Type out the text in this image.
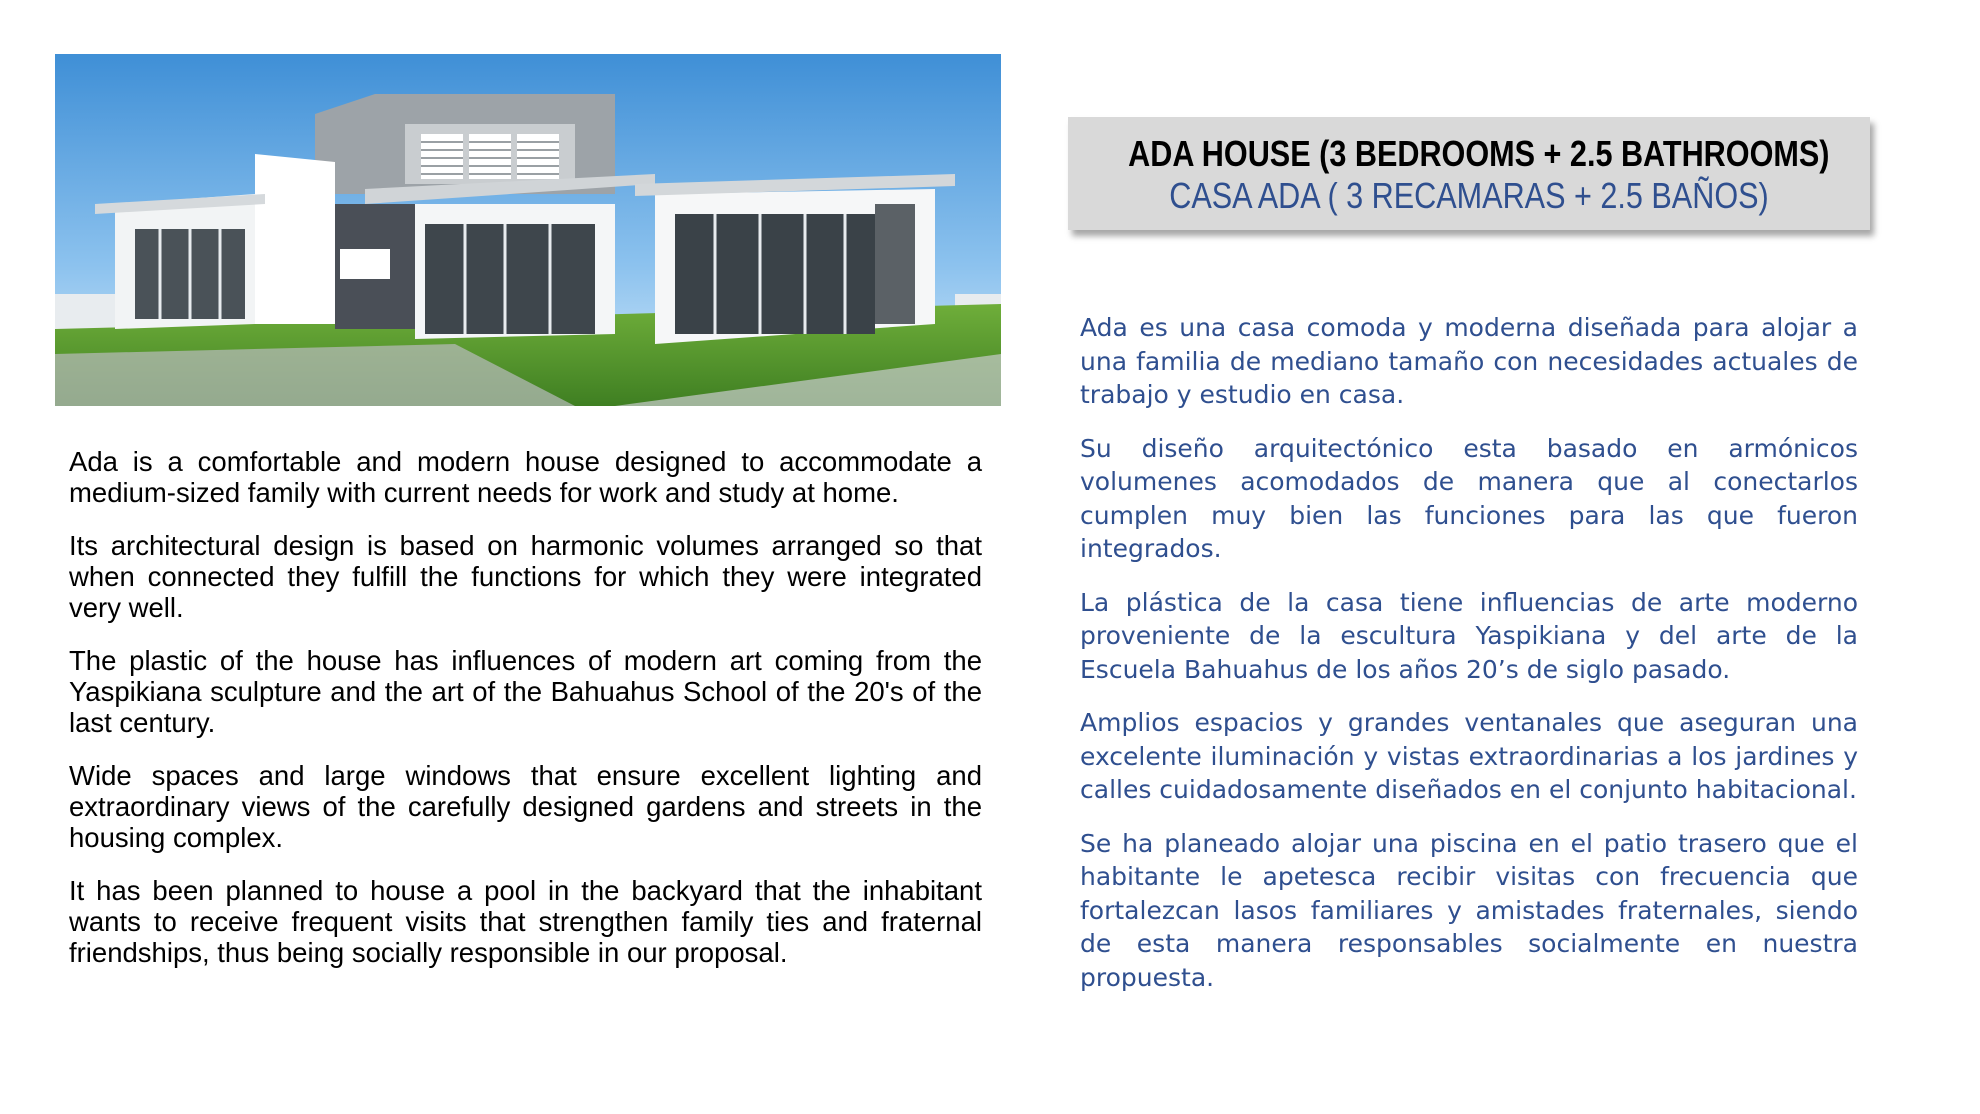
Ada is a comfortable and modern house designed to accommodate a medium-sized family with current needs for work and study at home.

Its architectural design is based on harmonic volumes arranged so that when connected they fulfill the functions for which they were integrated very well.

The plastic of the house has influences of modern art coming from the Yaspikiana sculpture and the art of the Bahuahus School of the 20's of the last century.

Wide spaces and large windows that ensure excellent lighting and extraordinary views of the carefully designed gardens and streets in the housing complex.

It has been planned to house a pool in the backyard that the inhabitant wants to receive frequent visits that strengthen family ties and fraternal friendships, thus being socially responsible in our proposal.

ADA HOUSE (3 BEDROOMS + 2.5 BATHROOMS)
CASA ADA ( 3 RECAMARAS + 2.5 BAÑOS)

Ada es una casa comoda y moderna diseñada para alojar a una familia de mediano tamaño con necesidades actuales de trabajo y estudio en casa.

Su diseño arquitectónico esta basado en armónicos volumenes acomodados de manera que al conectarlos cumplen muy bien las funciones para las que fueron integrados.

La plástica de la casa tiene influencias de arte moderno proveniente de la escultura Yaspikiana y del arte de la Escuela Bahuahus de los años 20’s de siglo pasado.

Amplios espacios y grandes ventanales que aseguran una excelente iluminación y vistas extraordinarias a los jardines y calles cuidadosamente diseñados en el conjunto habitacional.

Se ha planeado alojar una piscina en el patio trasero que el habitante le apetesca recibir visitas con frecuencia que fortalezcan lasos familiares y amistades fraternales, siendo de esta manera responsables socialmente en nuestra propuesta.
